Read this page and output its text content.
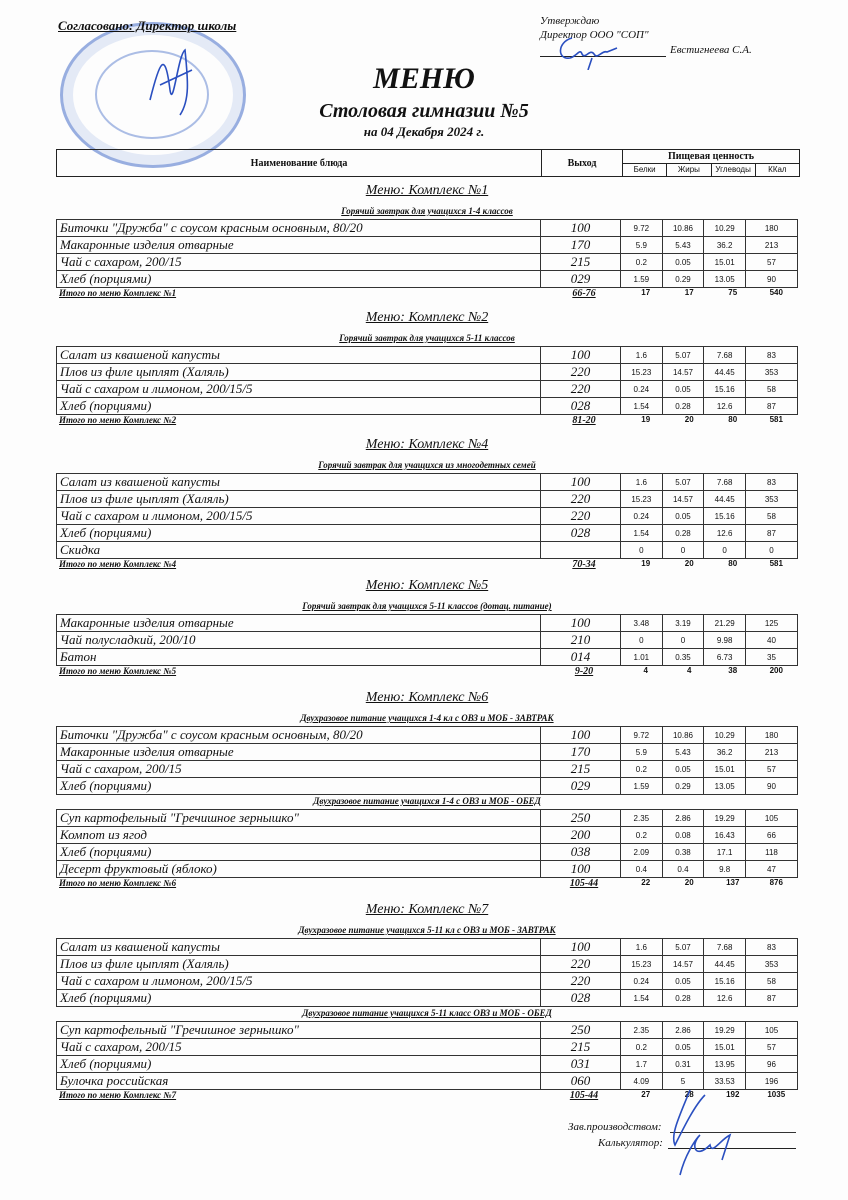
Согласовано: Директор школы	Утверждаю
Директор ООО "СОП"
Евстигнеева С.А.
МЕНЮ
Столовая гимназии №5
на 04 Декабря 2024 г.
Наименование блюда	Выход
Пищевая ценность
Белки	Жиры	Углеводы	ККал
Меню: Комплекс №1
Горячий завтрак для учащихся 1-4 классов
Биточки "Дружба" с соусом красным основным, 80/20	100	9.72	10.86	10.29	180
Макаронные изделия отварные	170	5.9	5.43	36.2	213
Чай с сахаром, 200/15	215	0.2	0.05	15.01	57
Хлеб (порциями)	029	1.59	0.29	13.05	90
Итого по меню Комплекс №1	66-76	17	17	75	540
Меню: Комплекс №2
Горячий завтрак для учащихся 5-11 классов
Салат из квашеной капусты	100	1.6	5.07	7.68	83
Плов из филе цыплят (Халяль)	220	15.23	14.57	44.45	353
Чай с сахаром и лимоном, 200/15/5	220	0.24	0.05	15.16	58
Хлеб (порциями)	028	1.54	0.28	12.6	87
Итого по меню Комплекс №2	81-20	19	20	80	581
Меню: Комплекс №4
Горячий завтрак для учащихся из многодетных семей
Салат из квашеной капусты	100	1.6	5.07	7.68	83
Плов из филе цыплят (Халяль)	220	15.23	14.57	44.45	353
Чай с сахаром и лимоном, 200/15/5	220	0.24	0.05	15.16	58
Хлеб (порциями)	028	1.54	0.28	12.6	87
Скидка		0	0	0	0
Итого по меню Комплекс №4	70-34	19	20	80	581
Меню: Комплекс №5
Горячий завтрак для учащихся 5-11 классов (дотац. питание)
Макаронные изделия отварные	100	3.48	3.19	21.29	125
Чай полусладкий, 200/10	210	0	0	9.98	40
Батон	014	1.01	0.35	6.73	35
Итого по меню Комплекс №5	9-20	4	4	38	200
Меню: Комплекс №6
Двухразовое питание учащихся 1-4 кл с ОВЗ и МОБ - ЗАВТРАК
Биточки "Дружба" с соусом красным основным, 80/20	100	9.72	10.86	10.29	180
Макаронные изделия отварные	170	5.9	5.43	36.2	213
Чай с сахаром, 200/15	215	0.2	0.05	15.01	57
Хлеб (порциями)	029	1.59	0.29	13.05	90
Двухразовое питание учащихся 1-4 с ОВЗ и МОБ - ОБЕД
Суп картофельный "Гречишное зернышко"	250	2.35	2.86	19.29	105
Компот из ягод	200	0.2	0.08	16.43	66
Хлеб (порциями)	038	2.09	0.38	17.1	118
Десерт фруктовый (яблоко)	100	0.4	0.4	9.8	47
Итого по меню Комплекс №6	105-44	22	20	137	876
Меню: Комплекс №7
Двухразовое питание учащихся 5-11 кл с ОВЗ и МОБ - ЗАВТРАК
Салат из квашеной капусты	100	1.6	5.07	7.68	83
Плов из филе цыплят (Халяль)	220	15.23	14.57	44.45	353
Чай с сахаром и лимоном, 200/15/5	220	0.24	0.05	15.16	58
Хлеб (порциями)	028	1.54	0.28	12.6	87
Двухразовое питание учащихся 5-11 класс ОВЗ и МОБ - ОБЕД
Суп картофельный "Гречишное зернышко"	250	2.35	2.86	19.29	105
Чай с сахаром, 200/15	215	0.2	0.05	15.01	57
Хлеб (порциями)	031	1.7	0.31	13.95	96
Булочка российская	060	4.09	5	33.53	196
Итого по меню Комплекс №7	105-44	27	28	192	1035
Зав.производством:
Калькулятор:
